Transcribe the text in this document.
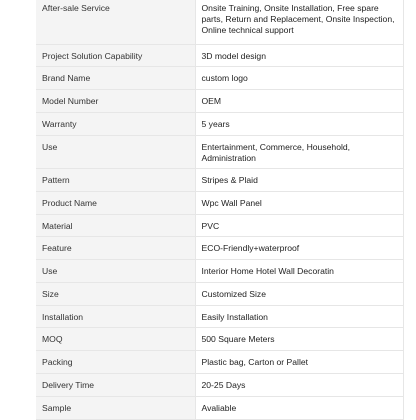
After-sale Service	Onsite Training, Onsite Installation, Free spare parts, Return and Replacement, Onsite Inspection, Online technical support

Project Solution Capability	3D model design

Brand Name	custom logo

Model Number	OEM

Warranty	5 years

Use	Entertainment, Commerce, Household, Administration

Pattern	Stripes & Plaid

Product Name	Wpc Wall Panel

Material	PVC

Feature	ECO-Friendly+waterproof

Use	Interior Home Hotel Wall Decoratin

Size	Customized Size

Installation	Easily Installation

MOQ	500 Square Meters

Packing	Plastic bag, Carton or Pallet

Delivery Time	20-25 Days

Sample	Avaliable
